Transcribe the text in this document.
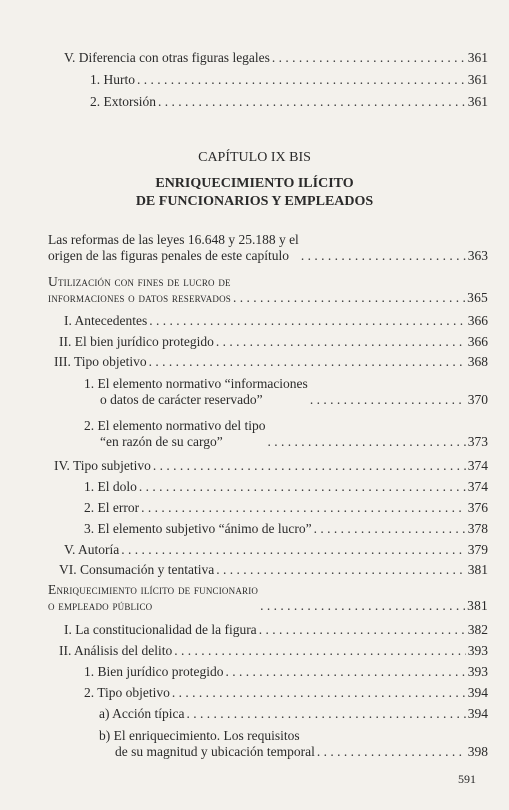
V. Diferencia con otras figuras legales . . .	361
1. Hurto . . .	361
2. Extorsión . . .	361
CAPÍTULO IX BIS
ENRIQUECIMIENTO ILÍCITO
DE FUNCIONARIOS Y EMPLEADOS
Las reformas de las leyes 16.648 y 25.188 y el
origen de las figuras penales de este capítulo . . .	363
Utilización con fines de lucro de
informaciones o datos reservados . . .	365
I. Antecedentes . . .	366
II. El bien jurídico protegido . . .	366
III. Tipo objetivo . . .	368
1. El elemento normativo “informaciones
o datos de carácter reservado” . . .	370
2. El elemento normativo del tipo
“en razón de su cargo” . . .	373
IV. Tipo subjetivo . . .	374
1. El dolo . . .	374
2. El error . . .	376
3. El elemento subjetivo “ánimo de lucro” . . .	378
V. Autoría . . .	379
VI. Consumación y tentativa . . .	381
Enriquecimiento ilícito de funcionario
o empleado público . . .	381
I. La constitucionalidad de la figura . . .	382
II. Análisis del delito . . .	393
1. Bien jurídico protegido . . .	393
2. Tipo objetivo . . .	394
a) Acción típica . . .	394
b) El enriquecimiento. Los requisitos
de su magnitud y ubicación temporal . . .	398
591
